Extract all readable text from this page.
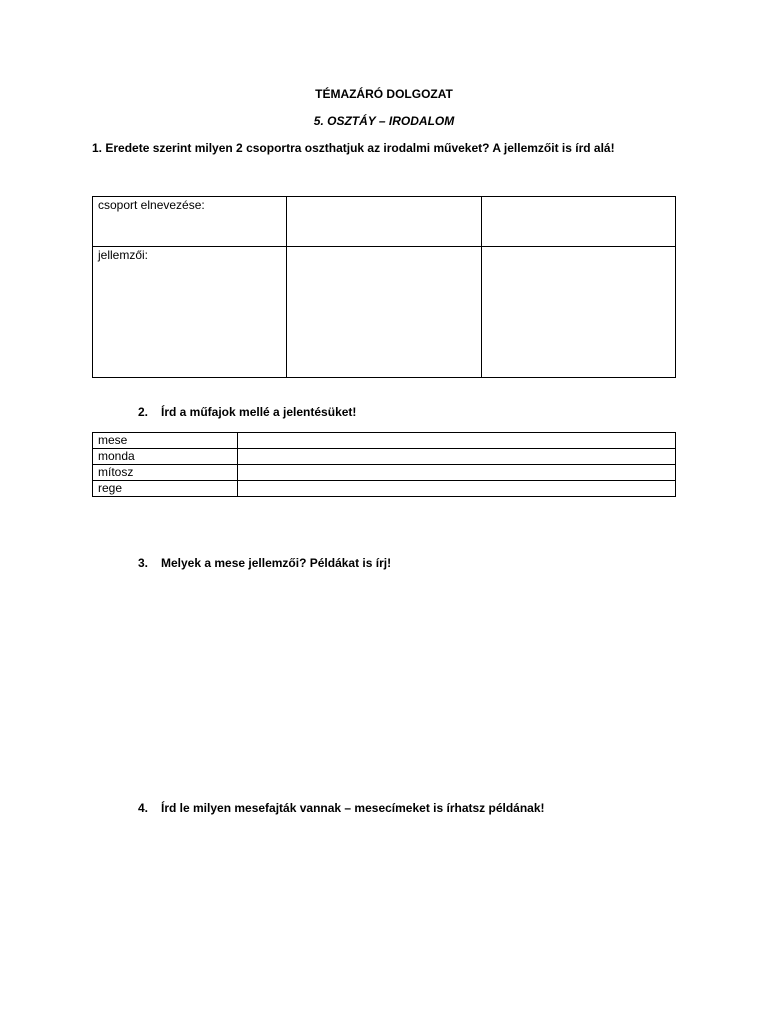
TÉMAZÁRÓ DOLGOZAT
5. OSZTÁY – IRODALOM
1. Eredete szerint milyen 2 csoportra oszthatjuk az irodalmi műveket? A jellemzőit is írd alá!
csoport elnevezése:		
jellemzői:		
2. Írd a műfajok mellé a jelentésüket!
mese	
monda	
mítosz	
rege	
3. Melyek a mese jellemzői? Példákat is írj!
4. Írd le milyen mesefajták vannak – mesecímeket is írhatsz példának!
